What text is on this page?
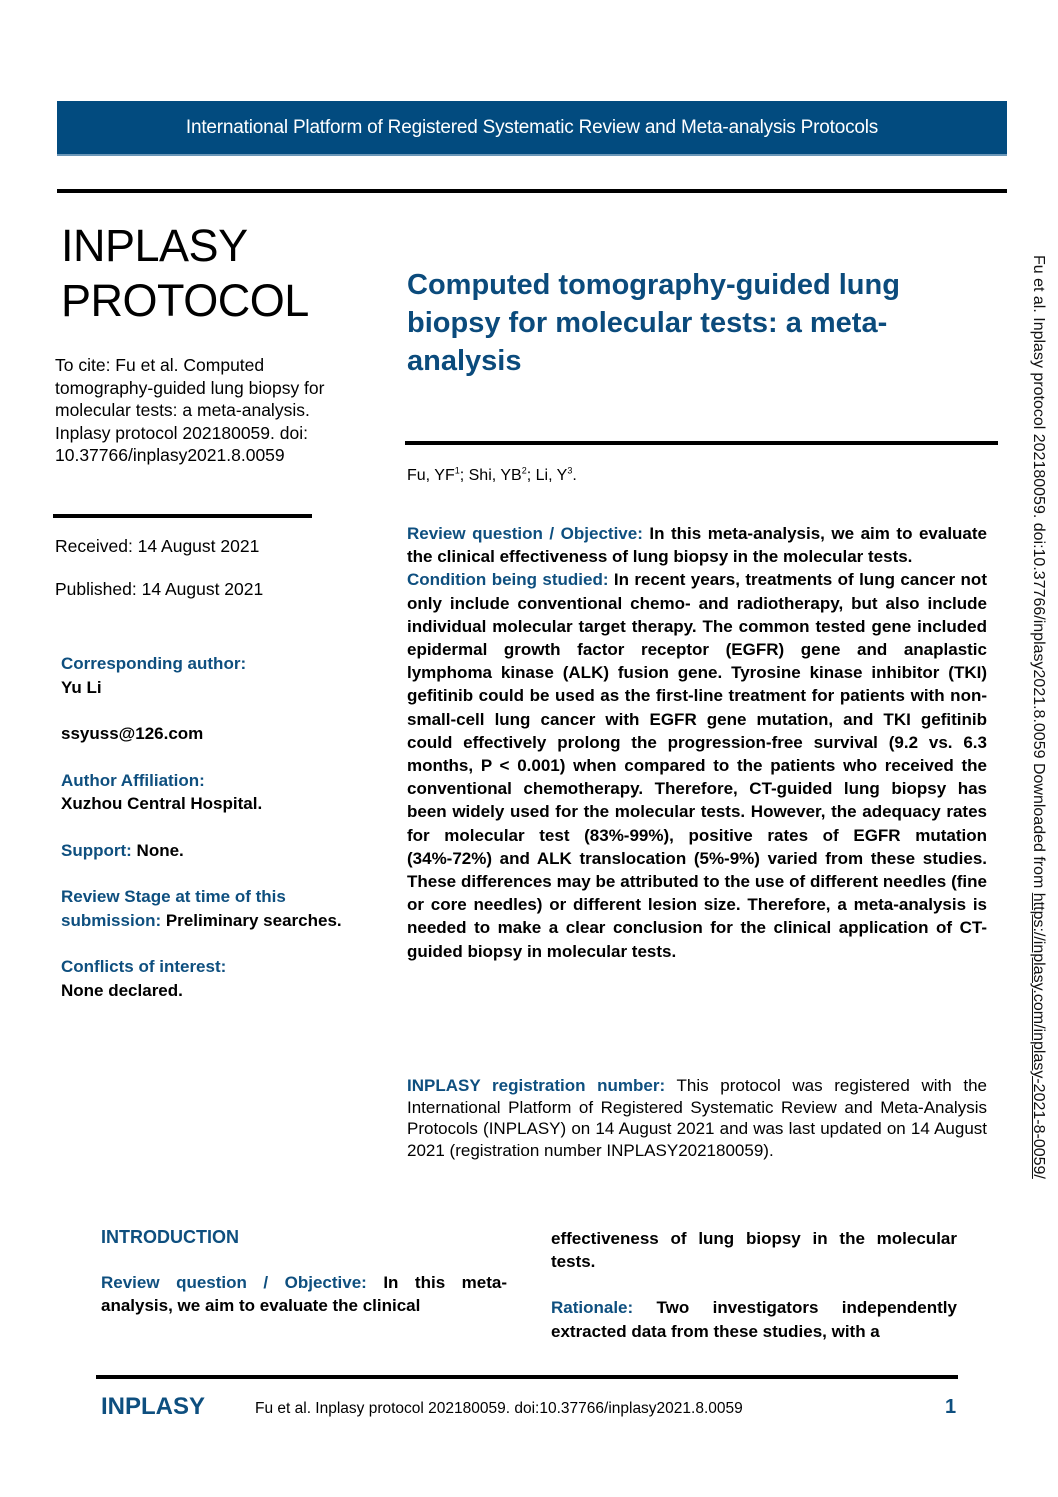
International Platform of Registered Systematic Review and Meta-analysis Protocols
INPLASY
PROTOCOL
To cite: Fu et al. Computed tomography-guided lung biopsy for molecular tests: a meta-analysis. Inplasy protocol 202180059. doi: 10.37766/inplasy2021.8.0059
Received: 14 August 2021
Published: 14 August 2021
Corresponding author:
Yu Li
ssyuss@126.com
Author Affiliation:
Xuzhou Central Hospital.
Support: None.
Review Stage at time of this submission: Preliminary searches.
Conflicts of interest:
None declared.
Computed tomography-guided lung biopsy for molecular tests: a meta-analysis
Fu, $YF^1$; Shi, $YB^2$; Li, $Y^3$.

Review question / Objective: In this meta-analysis, we aim to evaluate the clinical effectiveness of lung biopsy in the molecular tests.

Condition being studied: In recent years, treatments of lung cancer not only include conventional chemo- and radiotherapy, but also include individual molecular target therapy. The common tested gene included epidermal growth factor receptor (EGFR) gene and anaplastic lymphoma kinase (ALK) fusion gene. Tyrosine kinase inhibitor (TKI) gefitinib could be used as the first-line treatment for patients with non-small-cell lung cancer with EGFR gene mutation, and TKI gefitinib could effectively prolong the progression-free survival (9.2 vs. 6.3 months, P < 0.001) when compared to the patients who received the conventional chemotherapy. Therefore, CT-guided lung biopsy has been widely used for the molecular tests. However, the adequacy rates for molecular test (83%-99%), positive rates of EGFR mutation (34%-72%) and ALK translocation (5%-9%) varied from these studies. These differences may be attributed to the use of different needles (fine or core needles) or different lesion size. Therefore, a meta-analysis is needed to make a clear conclusion for the clinical application of CT-guided biopsy in molecular tests.

INPLASY registration number: This protocol was registered with the International Platform of Registered Systematic Review and Meta-Analysis Protocols (INPLASY) on 14 August 2021 and was last updated on 14 August 2021 (registration number INPLASY202180059).
INTRODUCTION

Review question / Objective: In this meta-analysis, we aim to evaluate the clinical

effectiveness of lung biopsy in the molecular tests.

Rationale: Two investigators independently extracted data from these studies, with a

INPLASY	Fu et al. Inplasy protocol 202180059. doi:10.37766/inplasy2021.8.0059	1
Fu et al. Inplasy protocol 202180059. doi:10.37766/inplasy2021.8.0059 Downloaded from https://inplasy.com/inplasy-2021-8-0059/
